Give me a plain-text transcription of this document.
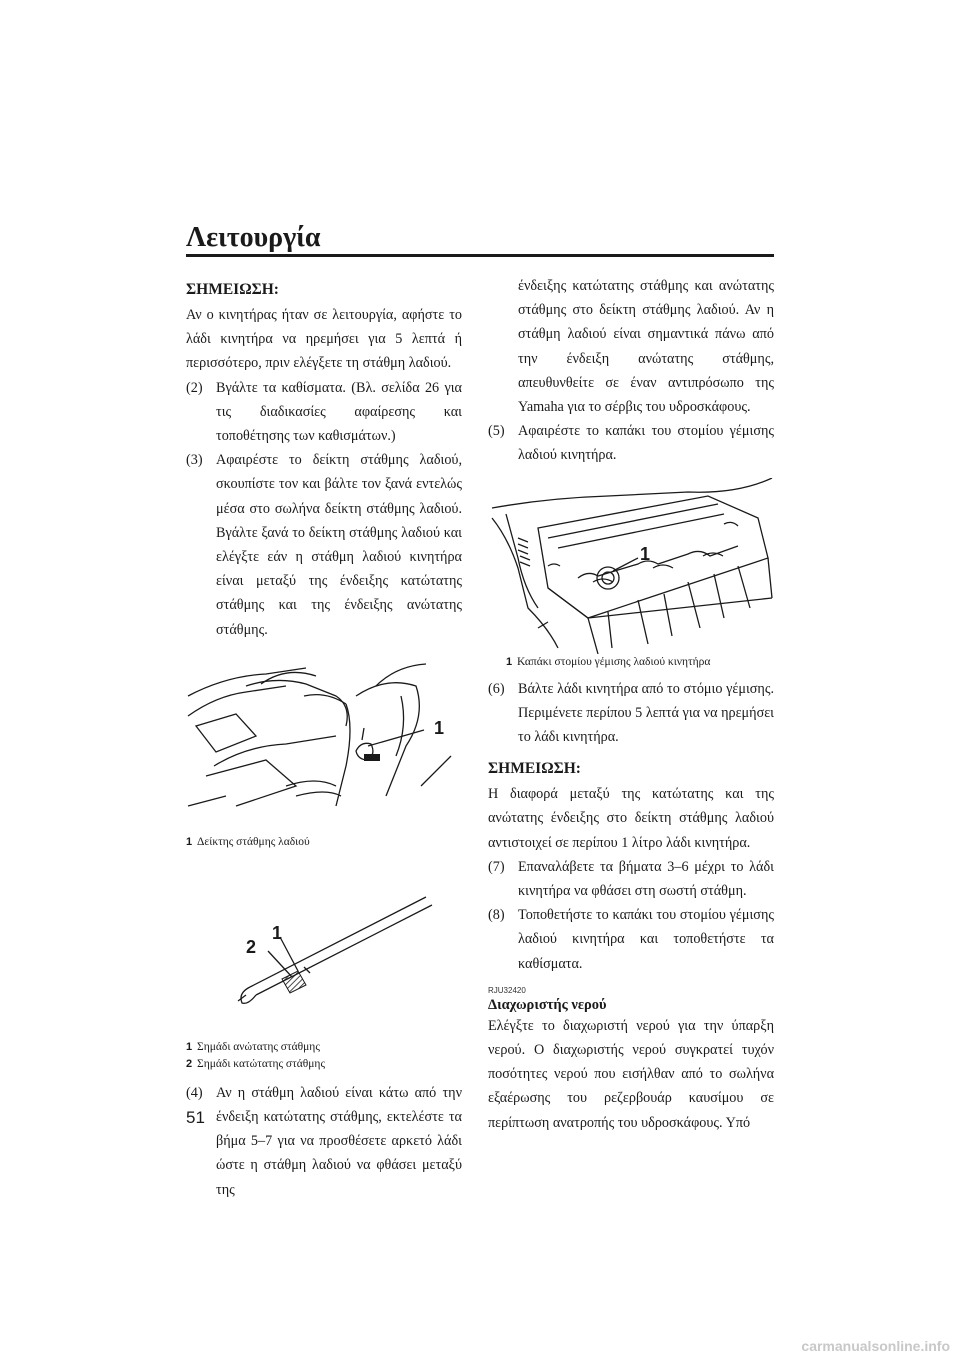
Λειτουργία
ΣΗΜΕΙΩΣΗ:

Αν ο κινητήρας ήταν σε λειτουργία, αφήστε το λάδι κινητήρα να ηρεμήσει για 5 λεπτά ή περισσότερο, πριν ελέγξετε τη στάθμη λαδιού.

(2) Βγάλτε τα καθίσματα. (Βλ. σελίδα 26 για τις διαδικασίες αφαίρεσης και τοποθέτησης των καθισμάτων.)
(3) Αφαιρέστε το δείκτη στάθμης λαδιού, σκουπίστε τον και βάλτε τον ξανά εντελώς μέσα στο σωλήνα δείκτη στάθμης λαδιού. Βγάλτε ξανά το δείκτη στάθμης λαδιού και ελέγξτε εάν η στάθμη λαδιού κινητήρα είναι μεταξύ της ένδειξης κατώτατης στάθμης και της ένδειξης ανώτατης στάθμης.
1
1 Δείκτης στάθμης λαδιού
2
1
1 Σημάδι ανώτατης στάθμης
2 Σημάδι κατώτατης στάθμης
(4) Αν η στάθμη λαδιού είναι κάτω από την ένδειξη κατώτατης στάθμης, εκτελέστε τα βήμα 5–7 για να προσθέσετε αρκετό λάδι ώστε η στάθμη λαδιού να φθάσει μεταξύ της

ένδειξης κατώτατης στάθμης και ανώτατης στάθμης στο δείκτη στάθμης λαδιού. Αν η στάθμη λαδιού είναι σημαντικά πάνω από την ένδειξη ανώτατης στάθμης, απευθυνθείτε σε έναν αντιπρόσωπο της Yamaha για το σέρβις του υδροσκάφους.

(5) Αφαιρέστε το καπάκι του στομίου γέμισης λαδιού κινητήρα.
1
1 Καπάκι στομίου γέμισης λαδιού κινητήρα
(6) Βάλτε λάδι κινητήρα από το στόμιο γέμισης. Περιμένετε περίπου 5 λεπτά για να ηρεμήσει το λάδι κινητήρα.
ΣΗΜΕΙΩΣΗ:

Η διαφορά μεταξύ της κατώτατης και της ανώτατης ένδειξης στο δείκτη στάθμης λαδιού αντιστοιχεί σε περίπου 1 λίτρο λάδι κινητήρα.

(7) Επαναλάβετε τα βήματα 3–6 μέχρι το λάδι κινητήρα να φθάσει στη σωστή στάθμη.
(8) Τοποθετήστε το καπάκι του στομίου γέμισης λαδιού κινητήρα και τοποθετήστε τα καθίσματα.
RJU32420
Διαχωριστής νερού

Ελέγξτε το διαχωριστή νερού για την ύπαρξη νερού. Ο διαχωριστής νερού συγκρατεί τυχόν ποσότητες νερού που εισήλθαν από το σωλήνα εξαέρωσης του ρεζερβουάρ καυσίμου σε περίπτωση ανατροπής του υδροσκάφους. Υπό

51
carmanualsonline.info
